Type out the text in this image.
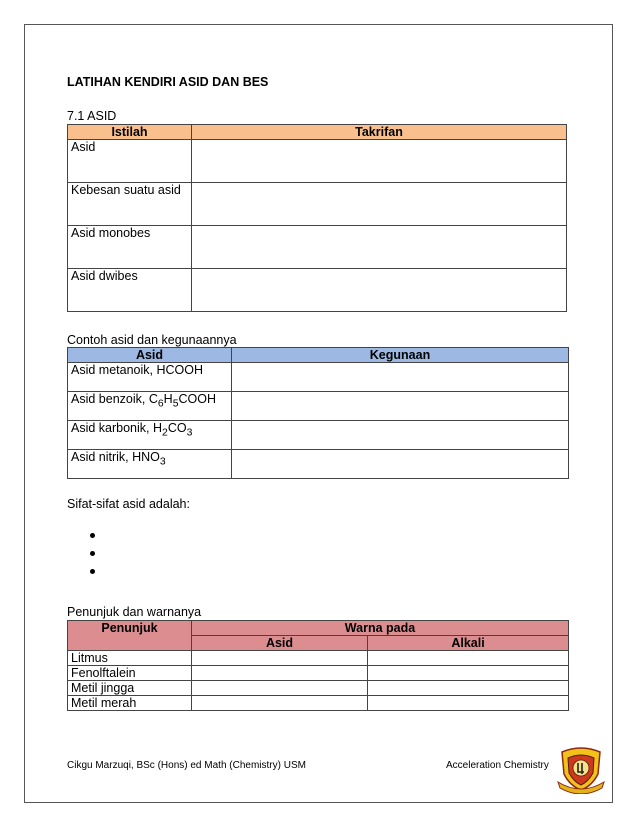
LATIHAN KENDIRI ASID DAN BES
7.1 ASID
Istilah	Takrifan
Asid	
Kebesan suatu asid	
Asid monobes	
Asid dwibes	
Contoh asid dan kegunaannya
Asid	Kegunaan
Asid metanoik, HCOOH	
Asid benzoik, $C_6H_5COOH$	
Asid karbonik, $H_2CO_3$	
Asid nitrik, $HNO_3$	
Sifat-sifat asid adalah:
Penunjuk dan warnanya
Penunjuk	Warna pada	
	Asid	Alkali
Litmus		
Fenolftalein		
Metil jingga		
Metil merah		
Cikgu Marzuqi, BSc (Hons) ed Math (Chemistry) USM	Acceleration Chemistry
